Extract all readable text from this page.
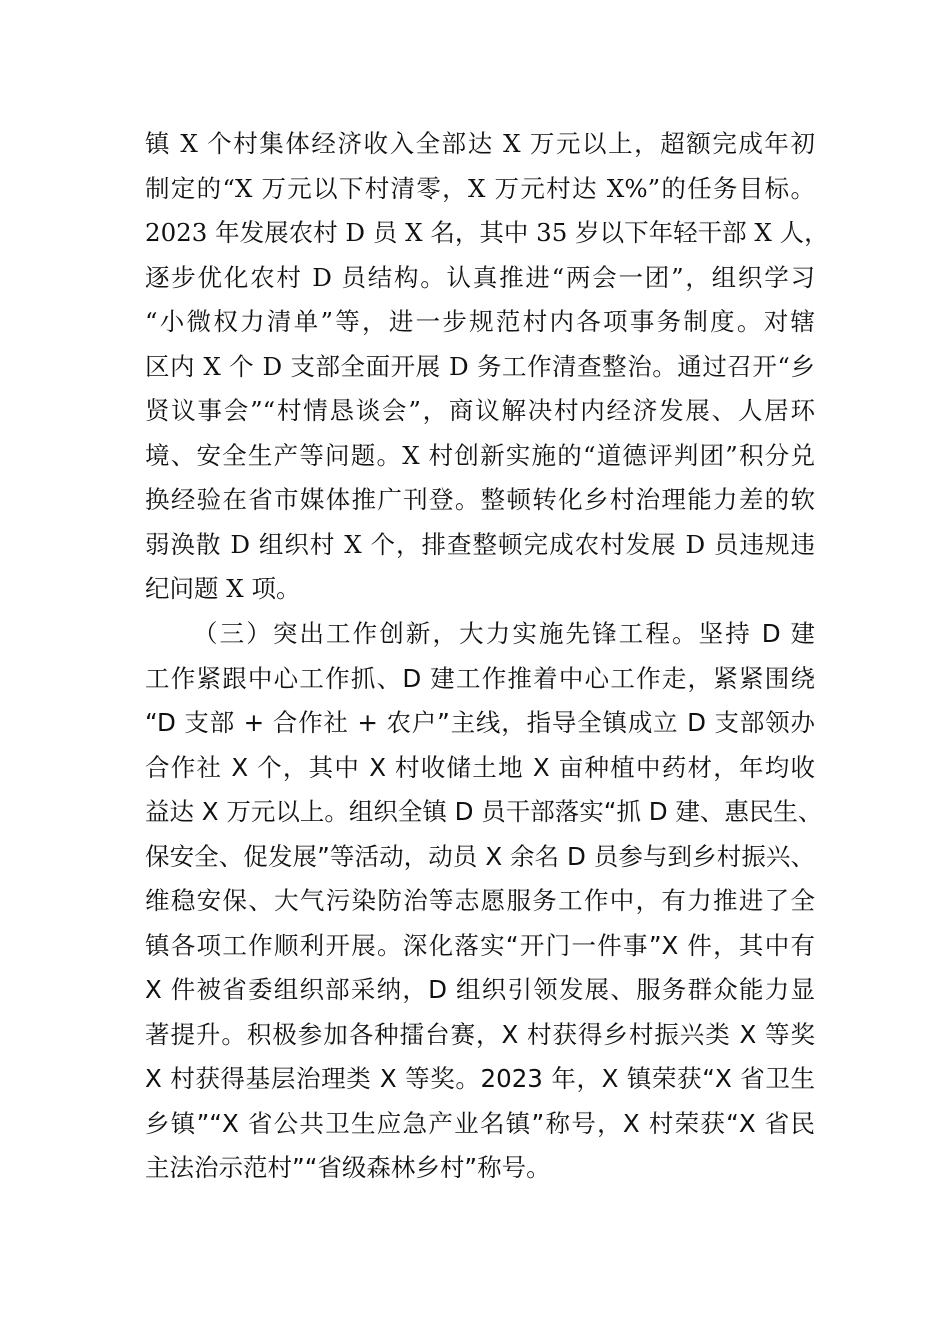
镇 X 个村集体经济收入全部达 X 万元以上，超额完成年初
制定的“X 万元以下村清零，X 万元村达 X%”的任务目标。
2023 年发展农村 D 员 X 名，其中 35 岁以下年轻干部 X 人，
逐步优化农村 D 员结构。认真推进“两会一团”，组织学习
“小微权力清单”等，进一步规范村内各项事务制度。对辖
区内 X 个 D 支部全面开展 D 务工作清查整治。通过召开“乡
贤议事会”“村情恳谈会”，商议解决村内经济发展、人居环
境、安全生产等问题。X 村创新实施的“道德评判团”积分兑
换经验在省市媒体推广刊登。整顿转化乡村治理能力差的软
弱涣散 D 组织村 X 个，排查整顿完成农村发展 D 员违规违
纪问题 X 项。
（三）突出工作创新，大力实施先锋工程。坚持 D 建
工作紧跟中心工作抓、D 建工作推着中心工作走，紧紧围绕
“D 支部 + 合作社 + 农户”主线，指导全镇成立 D 支部领办
合作社 X 个，其中 X 村收储土地 X 亩种植中药材，年均收
益达 X 万元以上。组织全镇 D 员干部落实“抓 D 建、惠民生、
保安全、促发展”等活动，动员 X 余名 D 员参与到乡村振兴、
维稳安保、大气污染防治等志愿服务工作中，有力推进了全
镇各项工作顺利开展。深化落实“开门一件事”X 件，其中有
X 件被省委组织部采纳，D 组织引领发展、服务群众能力显
著提升。积极参加各种擂台赛，X 村获得乡村振兴类 X 等奖
X 村获得基层治理类 X 等奖。2023 年，X 镇荣获“X 省卫生
乡镇”“X 省公共卫生应急产业名镇”称号，X 村荣获“X 省民
主法治示范村”“省级森林乡村”称号。
